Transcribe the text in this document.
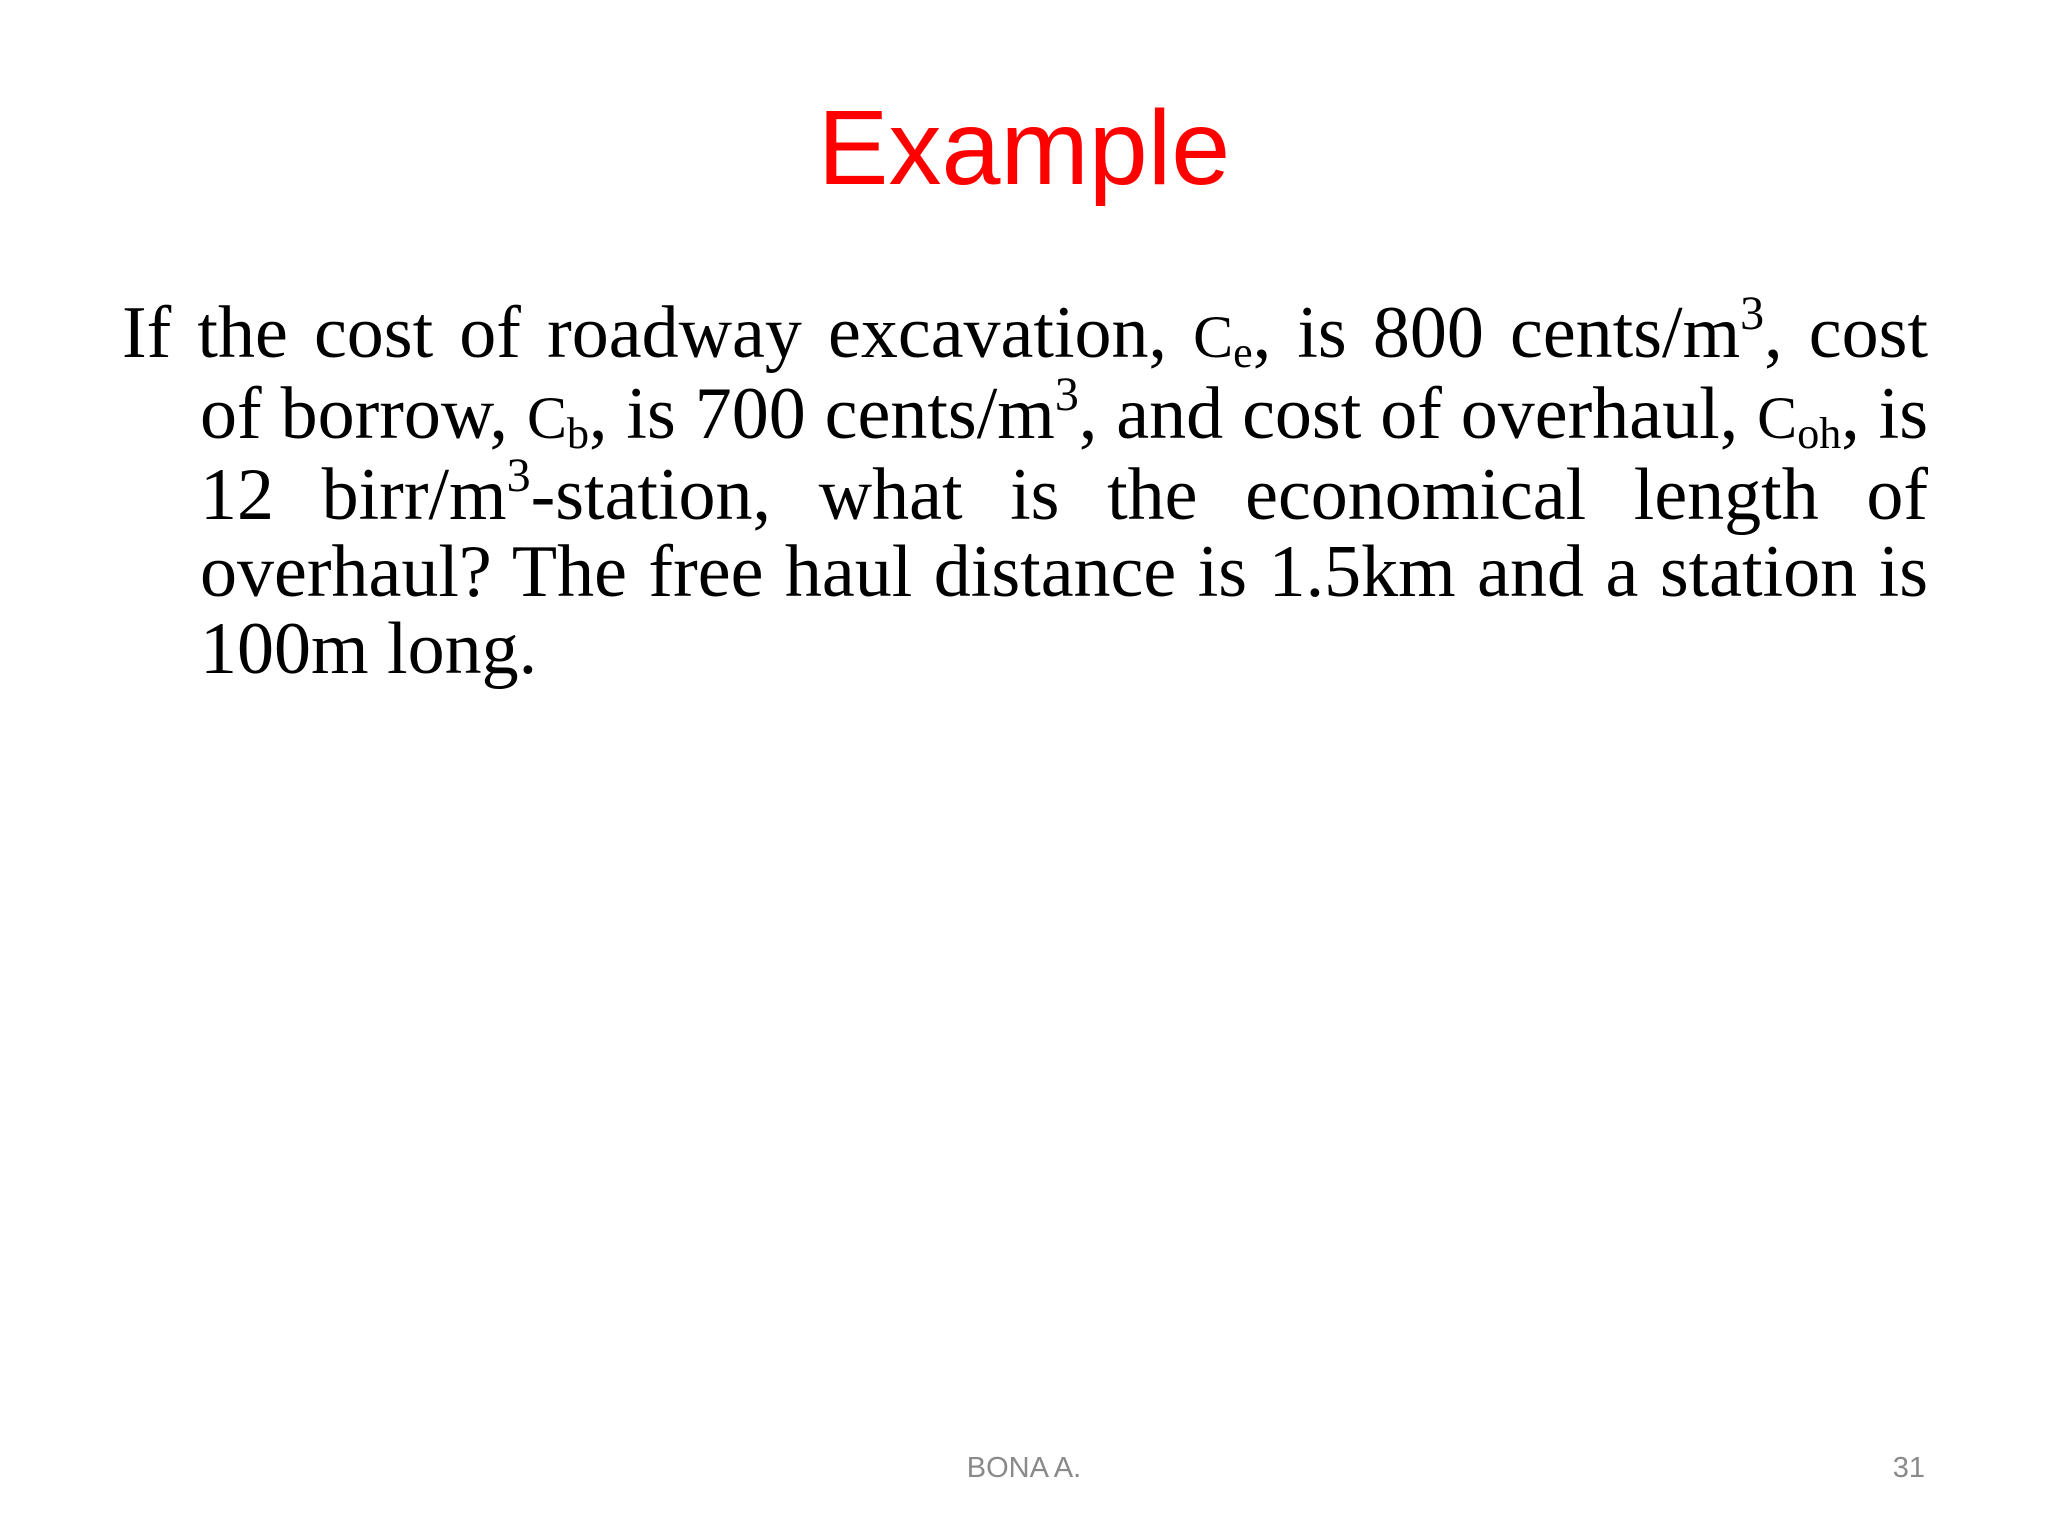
Example

If the cost of roadway excavation, $C_e$, is 800 cents/$m^3$, cost of borrow, $C_b$, is 700 cents/$m^3$, and cost of overhaul, $C_{oh}$, is 12 birr/$m^3$-station, what is the economical length of overhaul? The free haul distance is 1.5km and a station is 100m long.

BONA A.	31
